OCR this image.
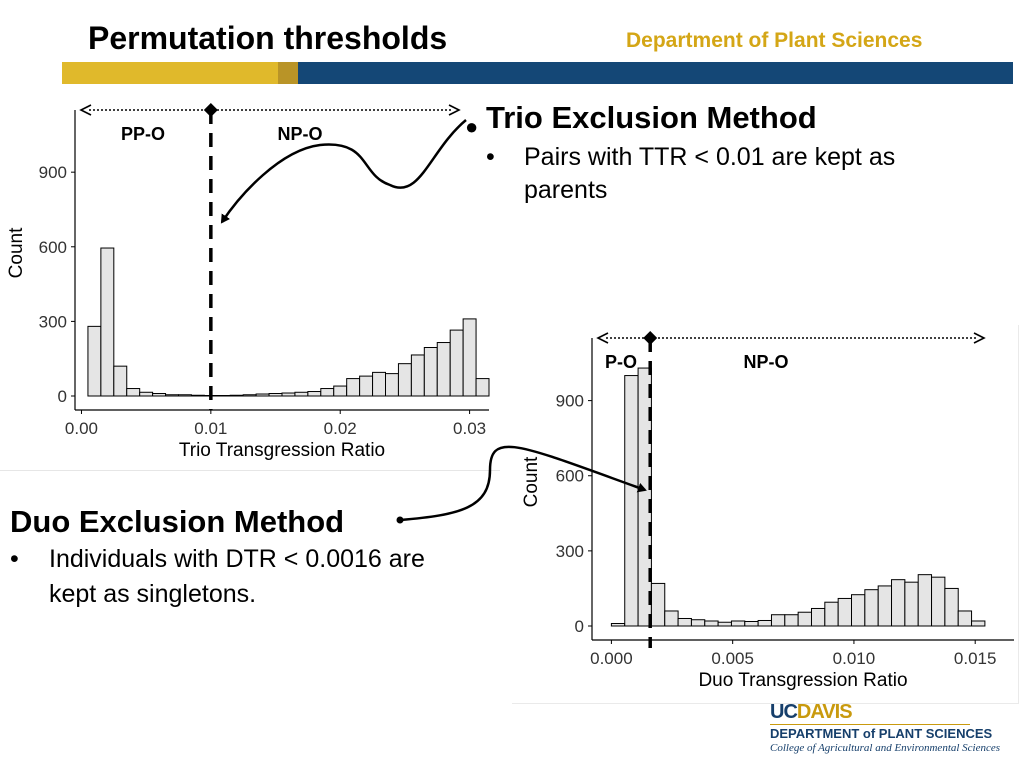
Permutation thresholds	Department of Plant Sciences
0
300
600
900
0.00	0.01	0.02	0.03
Trio Transgression Ratio
Count
PP-O	NP-O
0
300
600
900
0.000	0.005	0.010	0.015
Duo Transgression Ratio
Count
P-O	NP-O
● Trio Exclusion Method
• Pairs with TTR < 0.01 are kept as
parents
Duo Exclusion Method
• Individuals with DTR < 0.0016 are
kept as singletons.
UCDAVIS
DEPARTMENT of PLANT SCIENCES
College of Agricultural and Environmental Sciences
